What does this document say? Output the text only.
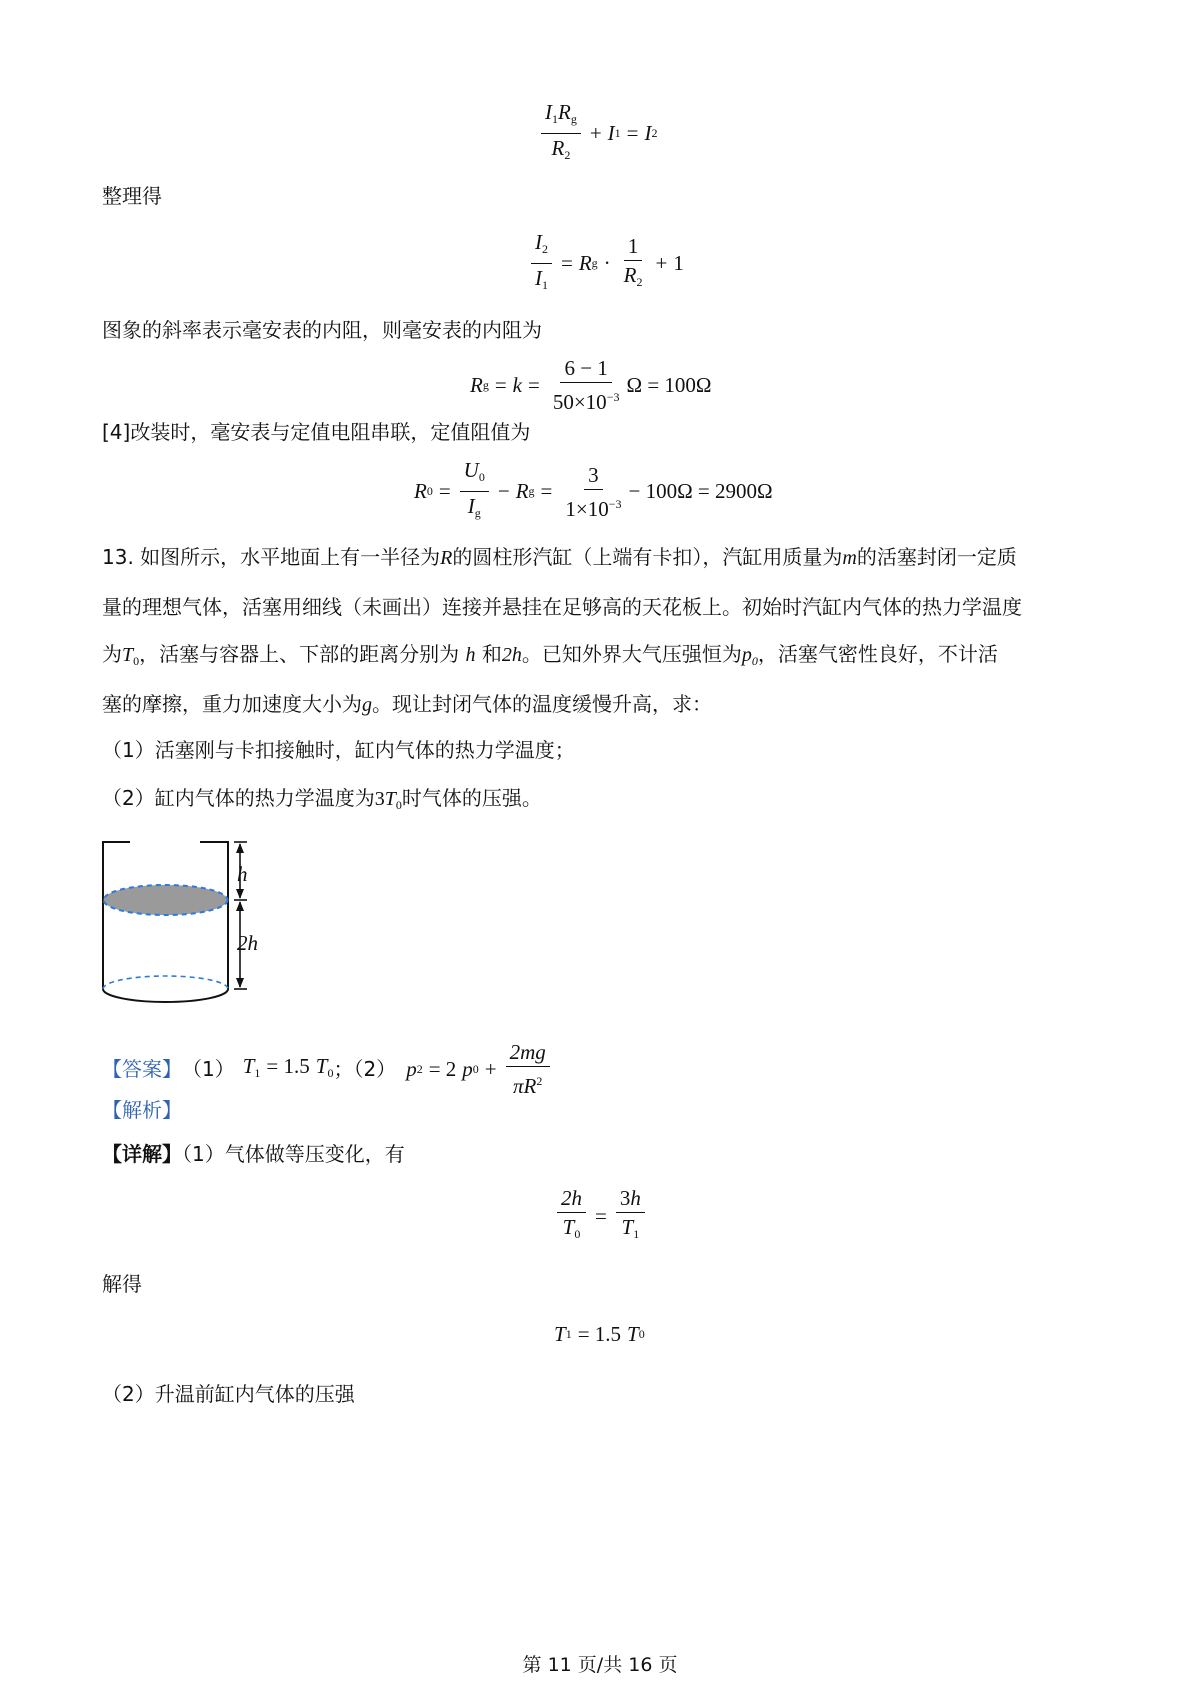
$\frac{I_1R_g}{R_2} + I$ 1 = I 2
整理得
$\frac{I_2}{I_1} = R$ $g \cdot \frac{1}{R_2} + 1$
图象的斜率表示毫安表的内阻，则毫安表的内阻为
R $g = k = \frac{6 - 1}{50\times 10^{-3}}$ Ω = 100Ω
[4]改装时，毫安表与定值电阻串联，定值阻值为
R $0 = \frac{U_0}{I_g} - R$ $g = \frac{3}{1\times 10^{-3}} - 100\Omega = 2900\Omega$
13. 如图所示，水平地面上有一半径为R的圆柱形汽缸（上端有卡扣），汽缸用质量为m的活塞封闭一定质
量的理想气体，活塞用细线（未画出）连接并悬挂在足够高的天花板上。初始时汽缸内气体的热力学温度
为$T_0$，活塞与容器上、下部的距离分别为 h 和2h。已知外界大气压强恒为$p_0$，活塞气密性良好，不计活
塞的摩擦，重力加速度大小为g。现让封闭气体的温度缓慢升高，求：
（1）活塞刚与卡扣接触时，缸内气体的热力学温度；
（2）缸内气体的热力学温度为$3T_0$时气体的压强。
h
2h
【答案】 （1） $T_1 = 1.5$ $T_0$ ；（2） p 2 = 2 p $0 + \frac{2mg}{\pi R^2}$
【解析】
【详解】（1）气体做等压变化，有
$\frac{2h}{T_0} = \frac{3h}{T_1}$
解得
T 1 = 1.5 T 0
（2）升温前缸内气体的压强
第 11 页/共 16 页
